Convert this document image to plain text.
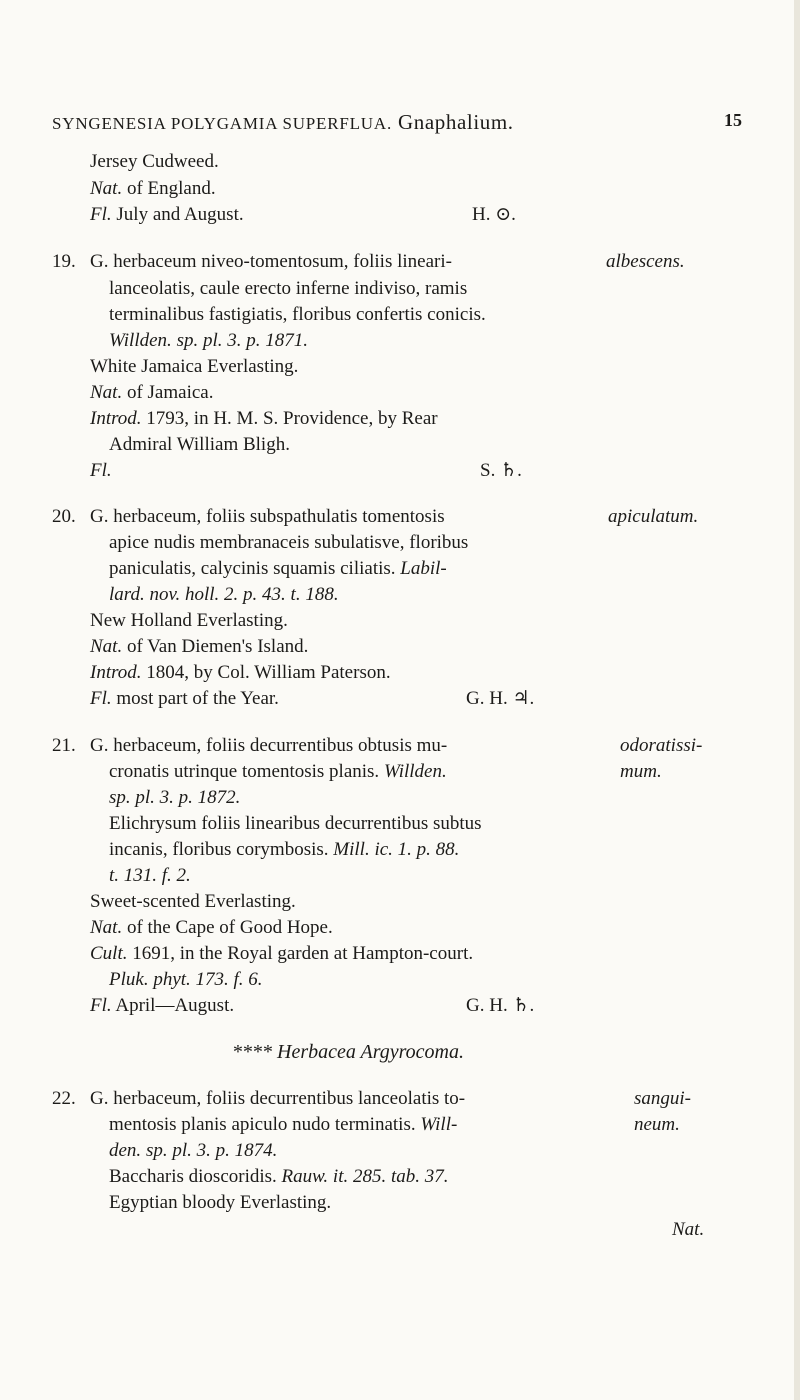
SYNGENESIA POLYGAMIA SUPERFLUA. Gnaphalium.	15
Jersey Cudweed.
Nat. of England.
Fl. July and August.	H. ⊙.
19. G. herbaceum niveo-tomentosum, foliis lineari-	albescens.
lanceolatis, caule erecto inferne indiviso, ramis
terminalibus fastigiatis, floribus confertis conicis.
Willden. sp. pl. 3. p. 1871.
White Jamaica Everlasting.
Nat. of Jamaica.
Introd. 1793, in H. M. S. Providence, by Rear
Admiral William Bligh.
Fl.	S. ♄.
20. G. herbaceum, foliis subspathulatis tomentosis	apiculatum.
apice nudis membranaceis subulatisve, floribus
paniculatis, calycinis squamis ciliatis. Labil-
lard. nov. holl. 2. p. 43. t. 188.
New Holland Everlasting.
Nat. of Van Diemen's Island.
Introd. 1804, by Col. William Paterson.
Fl. most part of the Year.	G. H. ♃.
21. G. herbaceum, foliis decurrentibus obtusis mu-	odoratissi-
cronatis utrinque tomentosis planis. Willden.	mum.
sp. pl. 3. p. 1872.
Elichrysum foliis linearibus decurrentibus subtus
incanis, floribus corymbosis. Mill. ic. 1. p. 88.
t. 131. f. 2.
Sweet-scented Everlasting.
Nat. of the Cape of Good Hope.
Cult. 1691, in the Royal garden at Hampton-court.
Pluk. phyt. 173. f. 6.
Fl. April—August.	G. H. ♄.
**** Herbacea Argyrocoma.
22. G. herbaceum, foliis decurrentibus lanceolatis to-	sangui-
mentosis planis apiculo nudo terminatis. Will-	neum.
den. sp. pl. 3. p. 1874.
Baccharis dioscoridis. Rauw. it. 285. tab. 37.
Egyptian bloody Everlasting.
Nat.
